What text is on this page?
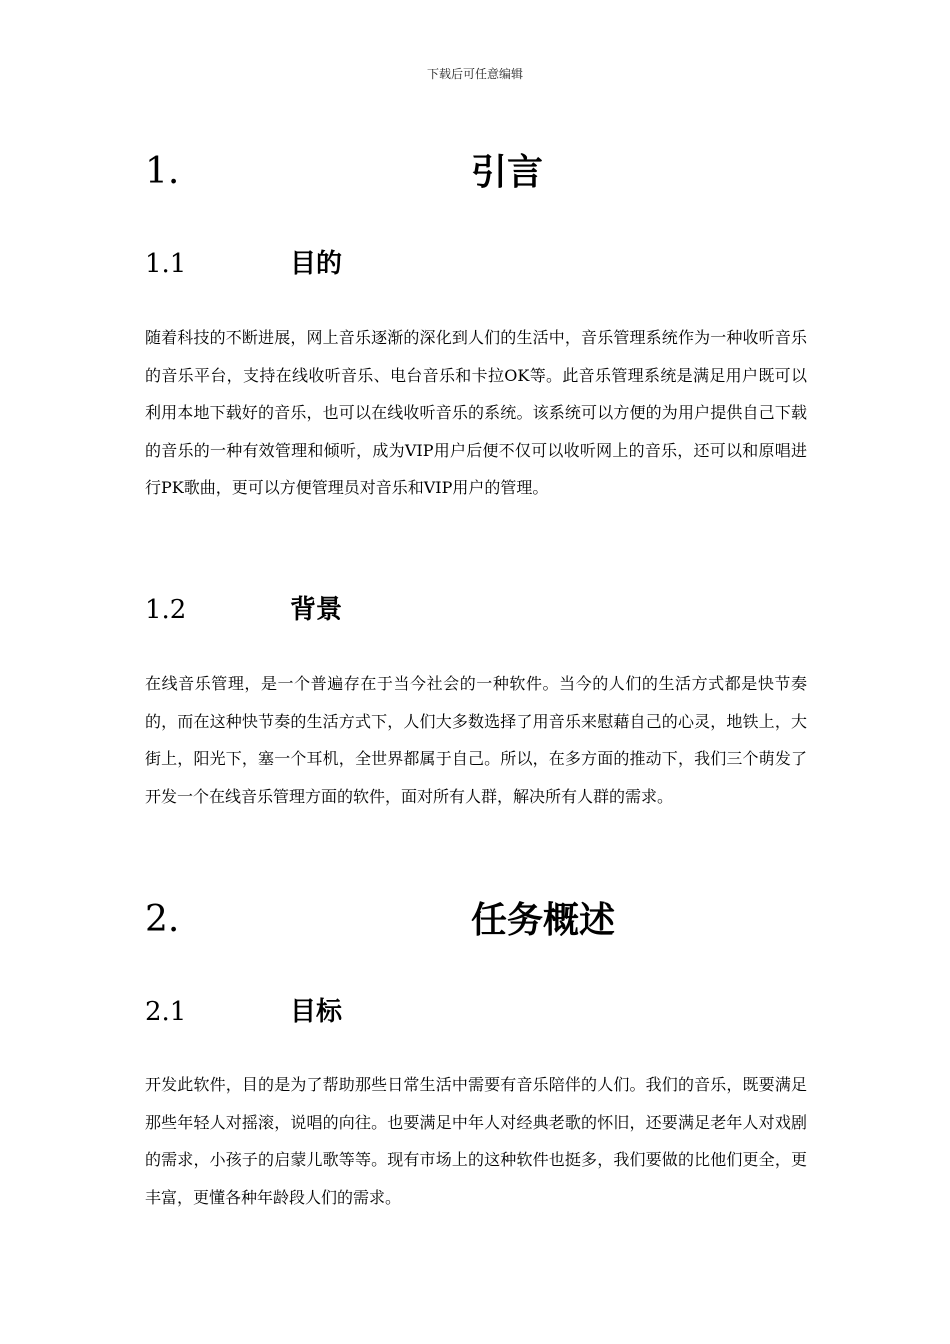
下载后可任意编辑
1.	引言
1.1	目的

随着科技的不断进展，网上音乐逐渐的深化到人们的生活中，音乐管理系统作为一种收听音乐的音乐平台，支持在线收听音乐、电台音乐和卡拉OK等。此音乐管理系统是满足用户既可以利用本地下载好的音乐，也可以在线收听音乐的系统。该系统可以方便的为用户提供自己下载的音乐的一种有效管理和倾听，成为VIP用户后便不仅可以收听网上的音乐，还可以和原唱进行PK歌曲，更可以方便管理员对音乐和VIP用户的管理。

1.2	背景

在线音乐管理，是一个普遍存在于当今社会的一种软件。当今的人们的生活方式都是快节奏的，而在这种快节奏的生活方式下，人们大多数选择了用音乐来慰藉自己的心灵，地铁上，大街上，阳光下，塞一个耳机，全世界都属于自己。所以，在多方面的推动下，我们三个萌发了开发一个在线音乐管理方面的软件，面对所有人群，解决所有人群的需求。

2.	任务概述
2.1	目标

开发此软件，目的是为了帮助那些日常生活中需要有音乐陪伴的人们。我们的音乐，既要满足那些年轻人对摇滚，说唱的向往。也要满足中年人对经典老歌的怀旧，还要满足老年人对戏剧的需求，小孩子的启蒙儿歌等等。现有市场上的这种软件也挺多，我们要做的比他们更全，更丰富，更懂各种年龄段人们的需求。
